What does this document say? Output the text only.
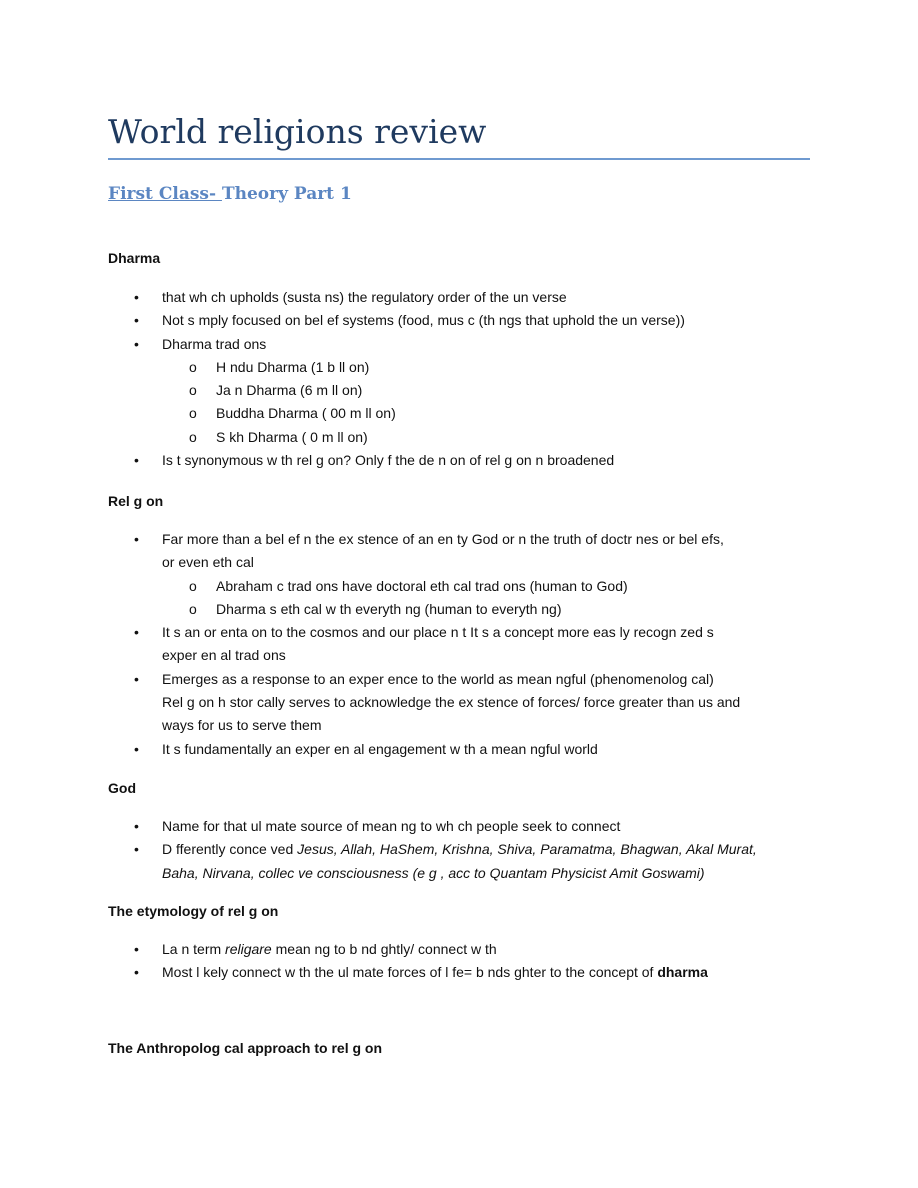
World religions review
First Class- Theory Part 1
Dharma
• that wh ch upholds (susta ns) the regulatory order of the un verse
• Not s mply focused on bel ef systems (food, mus c (th ngs that uphold the un verse))
• Dharma trad ons
o H ndu Dharma (1 b ll on)
o Ja n Dharma (6 m ll on)
o Buddha Dharma ( 00 m ll on)
o S kh Dharma ( 0 m ll on)
• Is t synonymous w th rel g on? Only f the de n on of rel g on n broadened
Rel g on
• Far more than a bel ef n the ex stence of an en ty God or n the truth of doctr nes or bel efs,
or even eth cal
o Abraham c trad ons have doctoral eth cal trad ons (human to God)
o Dharma s eth cal w th everyth ng (human to everyth ng)
• It s an or enta on to the cosmos and our place n t It s a concept more eas ly recogn zed s
exper en al trad ons
• Emerges as a response to an exper ence to the world as mean ngful (phenomenolog cal)
Rel g on h stor cally serves to acknowledge the ex stence of forces/ force greater than us and
ways for us to serve them
• It s fundamentally an exper en al engagement w th a mean ngful world
God
• Name for that ul mate source of mean ng to wh ch people seek to connect
• D fferently conce ved Jesus, Allah, HaShem, Krishna, Shiva, Paramatma, Bhagwan, Akal Murat,
Baha, Nirvana, collec ve consciousness (e g , acc to Quantam Physicist Amit Goswami)
The etymology of rel g on
• La n term religare mean ng to b nd ghtly/ connect w th
• Most l kely connect w th the ul mate forces of l fe= b nds ghter to the concept of dharma
The Anthropolog cal approach to rel g on
